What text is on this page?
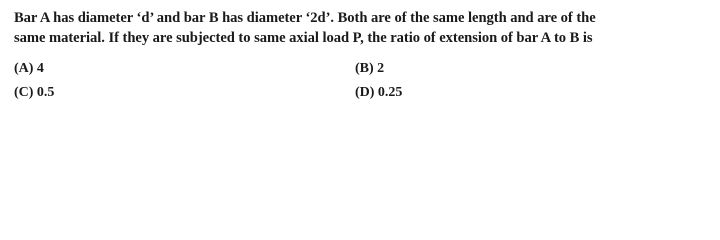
Bar A has diameter ‘d’ and bar B has diameter ‘2d’. Both are of the same length and are of the
same material. If they are subjected to same axial load P, the ratio of extension of bar A to B is
(A) 4	(B) 2
(C) 0.5	(D) 0.25
